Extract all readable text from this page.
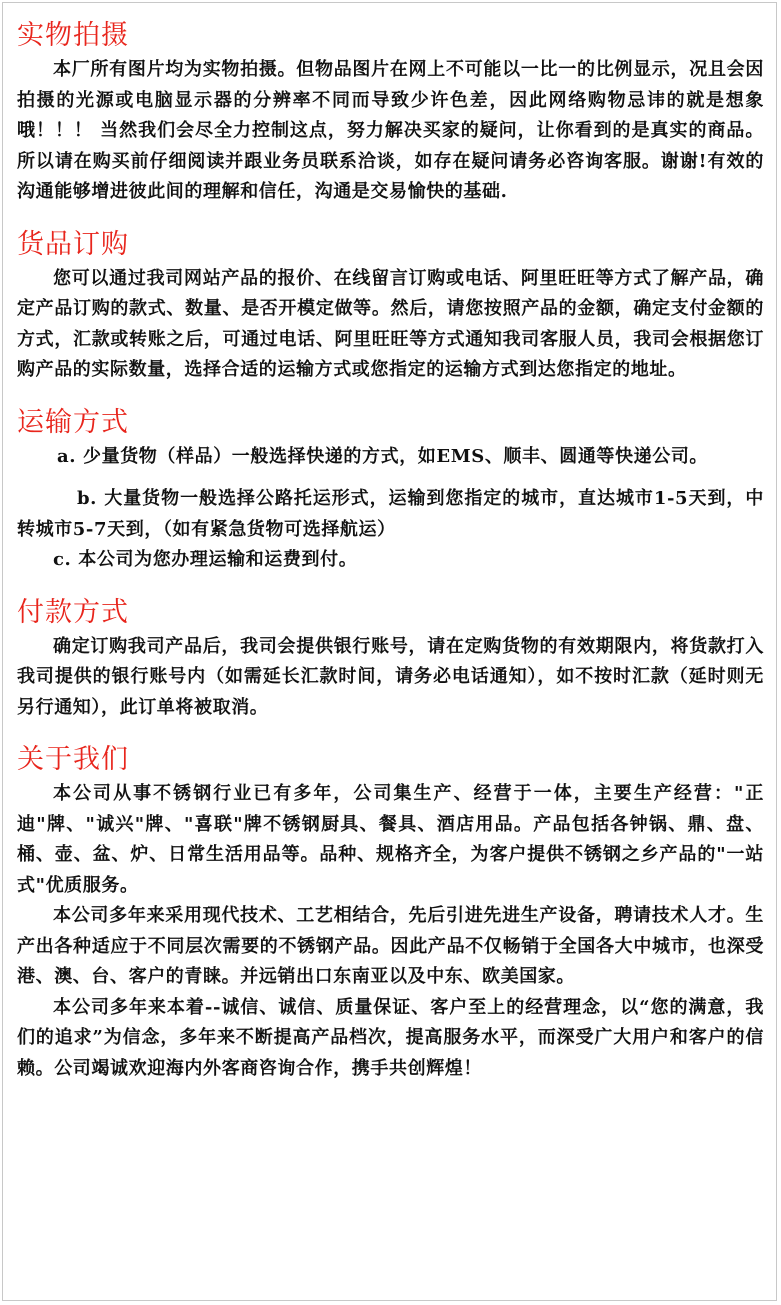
实物拍摄

本厂所有图片均为实物拍摄。但物品图片在网上不可能以一比一的比例显示，况且会因拍摄的光源或电脑显示器的分辨率不同而导致少许色差，因此网络购物忌讳的就是想象哦！！！ 当然我们会尽全力控制这点，努力解决买家的疑问，让你看到的是真实的商品。 所以请在购买前仔细阅读并跟业务员联系洽谈，如存在疑问请务必咨询客服。谢谢!有效的沟通能够增进彼此间的理解和信任，沟通是交易愉快的基础.

货品订购

您可以通过我司网站产品的报价、在线留言订购或电话、阿里旺旺等方式了解产品，确定产品订购的款式、数量、是否开模定做等。然后，请您按照产品的金额，确定支付金额的方式，汇款或转账之后，可通过电话、阿里旺旺等方式通知我司客服人员，我司会根据您订购产品的实际数量，选择合适的运输方式或您指定的运输方式到达您指定的地址。

运输方式

a. 少量货物（样品）一般选择快递的方式，如EMS、顺丰、圆通等快递公司。

b. 大量货物一般选择公路托运形式，运输到您指定的城市，直达城市1-5天到，中转城市5-7天到，（如有紧急货物可选择航运）

c. 本公司为您办理运输和运费到付。

付款方式

确定订购我司产品后，我司会提供银行账号，请在定购货物的有效期限内，将货款打入我司提供的银行账号内（如需延长汇款时间，请务必电话通知），如不按时汇款（延时则无另行通知），此订单将被取消。

关于我们

本公司从事不锈钢行业已有多年，公司集生产、经营于一体，主要生产经营："正迪"牌、"诚兴"牌、"喜联"牌不锈钢厨具、餐具、酒店用品。产品包括各钟锅、鼎、盘、桶、壶、盆、炉、日常生活用品等。品种、规格齐全，为客户提供不锈钢之乡产品的"一站式"优质服务。

本公司多年来采用现代技术、工艺相结合，先后引进先进生产设备，聘请技术人才。生产出各种适应于不同层次需要的不锈钢产品。因此产品不仅畅销于全国各大中城市，也深受港、澳、台、客户的青睐。并远销出口东南亚以及中东、欧美国家。

本公司多年来本着--诚信、诚信、质量保证、客户至上的经营理念，以“您的满意，我们的追求”为信念，多年来不断提高产品档次，提高服务水平，而深受广大用户和客户的信赖。公司竭诚欢迎海内外客商咨询合作，携手共创辉煌！
